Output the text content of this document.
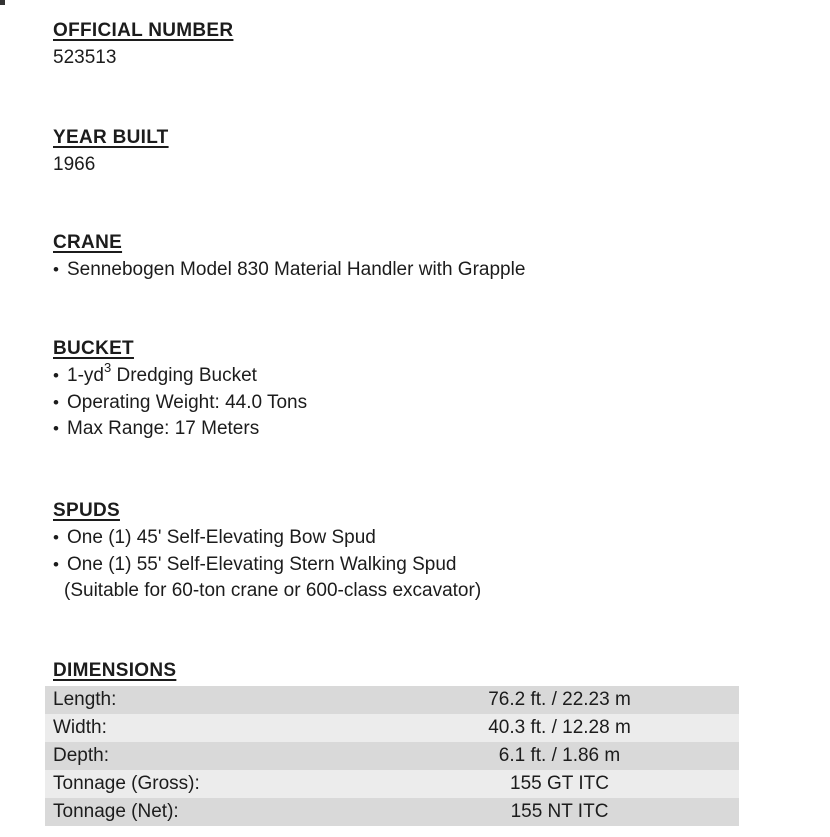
OFFICIAL NUMBER
523513
YEAR BUILT
1966
CRANE
• Sennebogen Model 830 Material Handler with Grapple
BUCKET
• $1-yd^3$ Dredging Bucket
• Operating Weight: 44.0 Tons
• Max Range: 17 Meters
SPUDS
• One (1) 45' Self-Elevating Bow Spud
• One (1) 55' Self-Elevating Stern Walking Spud
(Suitable for 60-ton crane or 600-class excavator)
DIMENSIONS
Length:	76.2 ft. / 22.23 m
Width:	40.3 ft. / 12.28 m
Depth:	6.1 ft. / 1.86 m
Tonnage (Gross):	155 GT ITC
Tonnage (Net):	155 NT ITC
